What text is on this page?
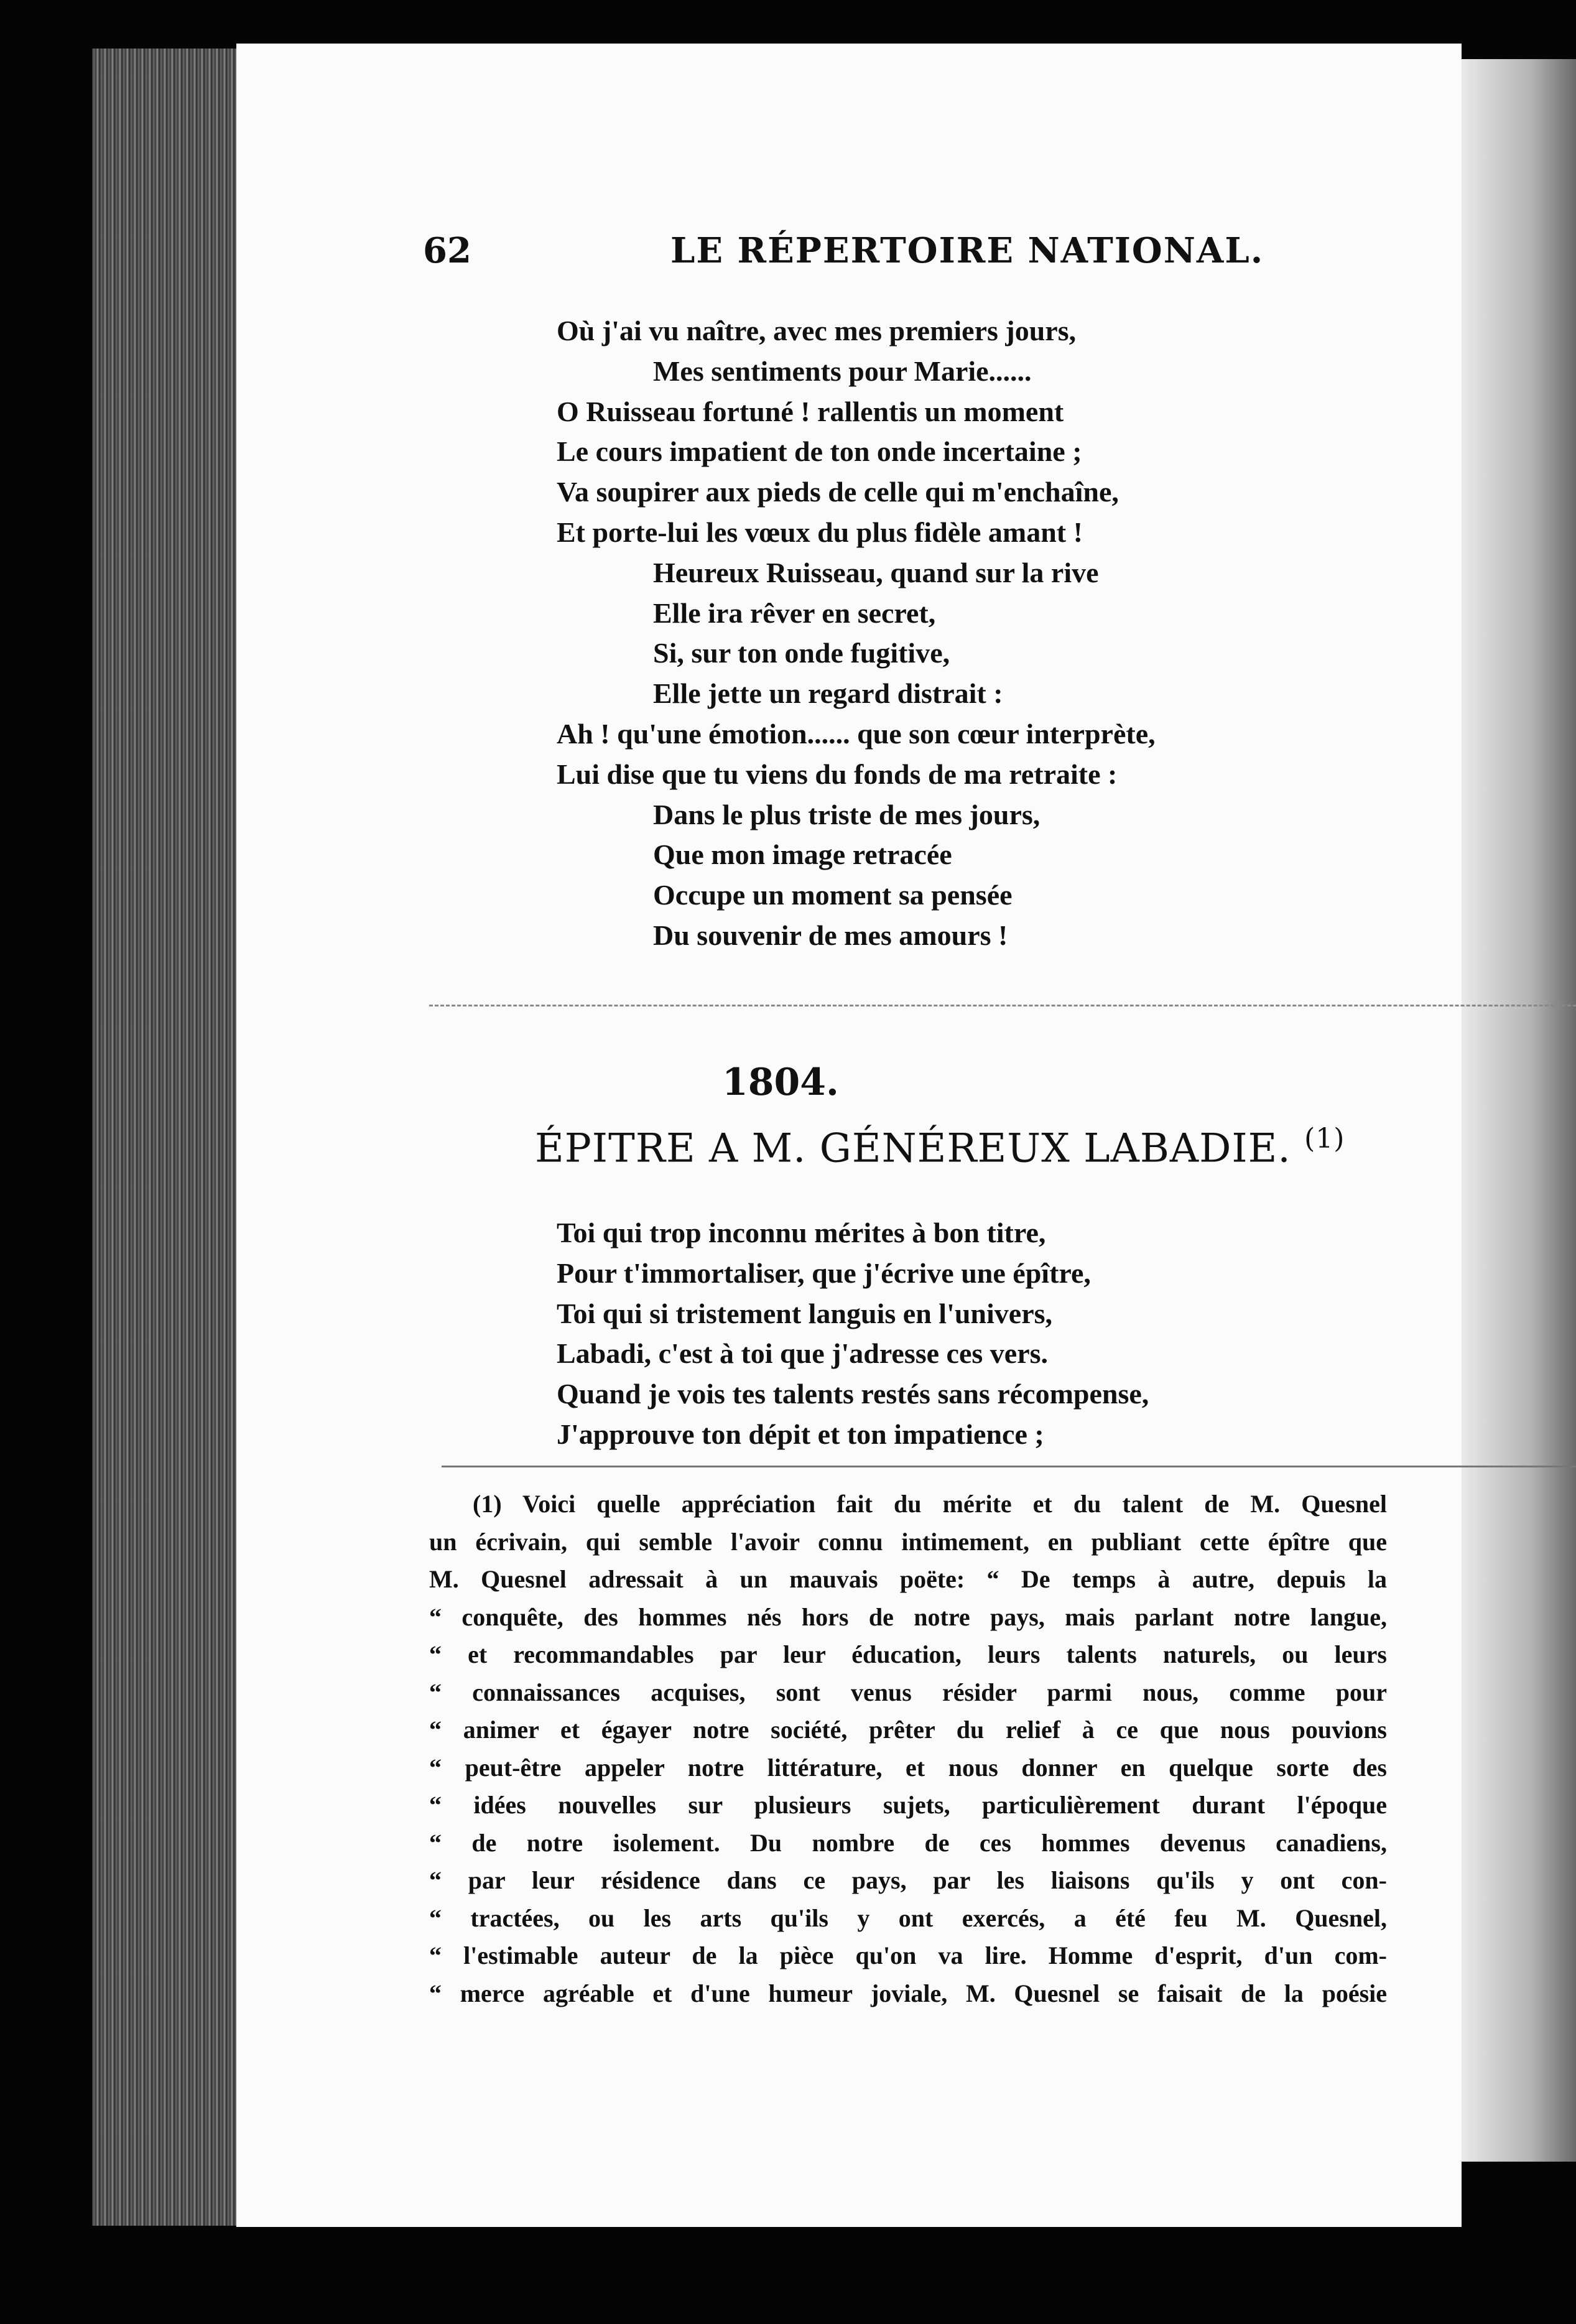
62	LE RÉPERTOIRE NATIONAL.
Où j'ai vu naître, avec mes premiers jours,
Mes sentiments pour Marie......
O Ruisseau fortuné ! rallentis un moment
Le cours impatient de ton onde incertaine ;
Va soupirer aux pieds de celle qui m'enchaîne,
Et porte-lui les vœux du plus fidèle amant !
Heureux Ruisseau, quand sur la rive
Elle ira rêver en secret,
Si, sur ton onde fugitive,
Elle jette un regard distrait :
Ah ! qu'une émotion...... que son cœur interprète,
Lui dise que tu viens du fonds de ma retraite :
Dans le plus triste de mes jours,
Que mon image retracée
Occupe un moment sa pensée
Du souvenir de mes amours !
1804.
ÉPITRE A M. GÉNÉREUX LABADIE. $^{(1)}$
Toi qui trop inconnu mérites à bon titre,
Pour t'immortaliser, que j'écrive une épître,
Toi qui si tristement languis en l'univers,
Labadi, c'est à toi que j'adresse ces vers.
Quand je vois tes talents restés sans récompense,
J'approuve ton dépit et ton impatience ;
(1) Voici quelle appréciation fait du mérite et du talent de M. Quesnel
un écrivain, qui semble l'avoir connu intimement, en publiant cette épître que
M. Quesnel adressait à un mauvais poëte: “ De temps à autre, depuis la
“ conquête, des hommes nés hors de notre pays, mais parlant notre langue,
“ et recommandables par leur éducation, leurs talents naturels, ou leurs
“ connaissances acquises, sont venus résider parmi nous, comme pour
“ animer et égayer notre société, prêter du relief à ce que nous pouvions
“ peut-être appeler notre littérature, et nous donner en quelque sorte des
“ idées nouvelles sur plusieurs sujets, particulièrement durant l'époque
“ de notre isolement. Du nombre de ces hommes devenus canadiens,
“ par leur résidence dans ce pays, par les liaisons qu'ils y ont con-
“ tractées, ou les arts qu'ils y ont exercés, a été feu M. Quesnel,
“ l'estimable auteur de la pièce qu'on va lire. Homme d'esprit, d'un com-
“ merce agréable et d'une humeur joviale, M. Quesnel se faisait de la poésie
